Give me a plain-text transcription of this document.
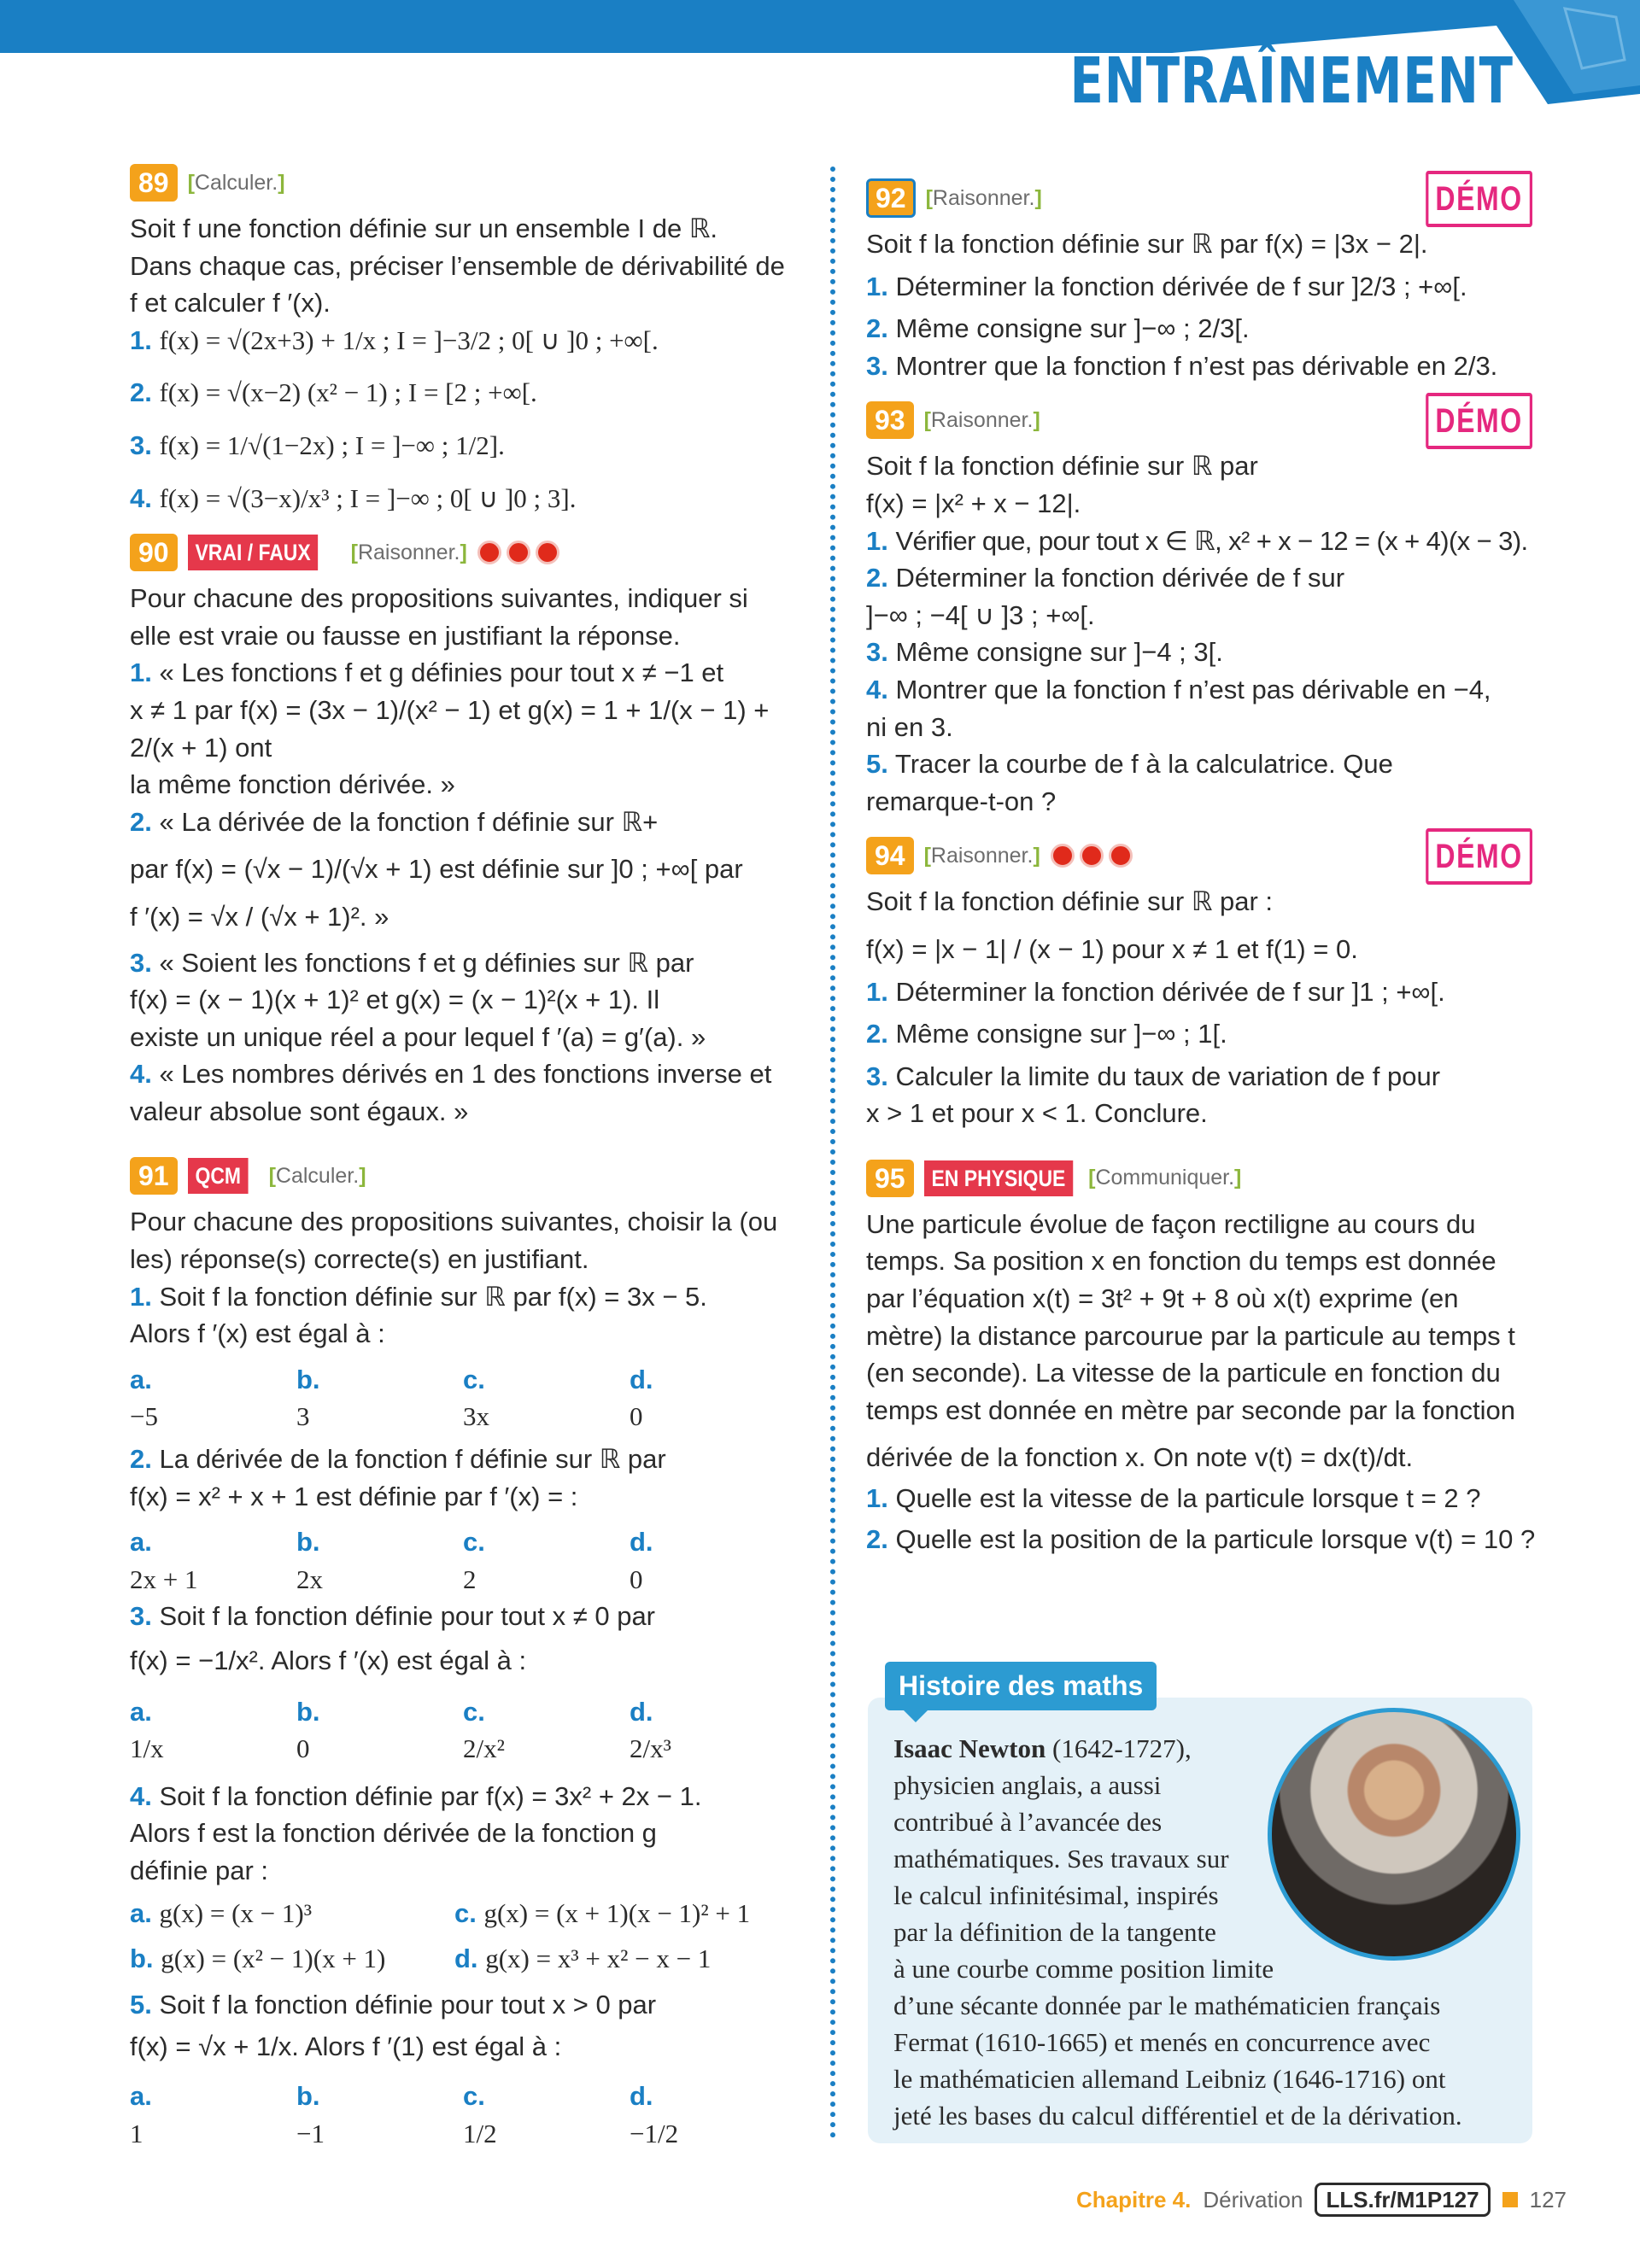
ENTRAÎNEMENT
89 [Calculer.]

Soit f une fonction définie sur un ensemble I de ℝ.

Dans chaque cas, préciser l’ensemble de dérivabilité de

f et calculer f ′(x).

1. f(x) = √(2x+3) + 1/x ; I = ]−3/2 ; 0[ ∪ ]0 ; +∞[.

2. f(x) = √(x−2) (x² − 1) ; I = [2 ; +∞[.

3. f(x) = 1/√(1−2x) ; I = ]−∞ ; 1/2].

4. f(x) = √(3−x)/x³ ; I = ]−∞ ; 0[ ∪ ]0 ; 3].

90	VRAI / FAUX	[Raisonner.]

Pour chacune des propositions suivantes, indiquer si

elle est vraie ou fausse en justifiant la réponse.

1. « Les fonctions f et g définies pour tout x ≠ −1 et

x ≠ 1 par f(x) = (3x − 1)/(x² − 1) et g(x) = 1 + 1/(x − 1) + 2/(x + 1) ont

la même fonction dérivée. »

2. « La dérivée de la fonction f définie sur ℝ+

par f(x) = (√x − 1)/(√x + 1) est définie sur ]0 ; +∞[ par

f ′(x) = √x / (√x + 1)². »

3. « Soient les fonctions f et g définies sur ℝ par

f(x) = (x − 1)(x + 1)² et g(x) = (x − 1)²(x + 1). Il

existe un unique réel a pour lequel f ′(a) = g′(a). »

4. « Les nombres dérivés en 1 des fonctions inverse et

valeur absolue sont égaux. »

91	QCM	[Calculer.]

Pour chacune des propositions suivantes, choisir la (ou

les) réponse(s) correcte(s) en justifiant.

1. Soit f la fonction définie sur ℝ par f(x) = 3x − 5.

Alors f ′(x) est égal à :

a. −5
b. 3
c. 3x
d. 0

2. La dérivée de la fonction f définie sur ℝ par

f(x) = x² + x + 1 est définie par f ′(x) = :

a. 2x + 1
b. 2x
c. 2
d. 0

3. Soit f la fonction définie pour tout x ≠ 0 par

f(x) = −1/x². Alors f ′(x) est égal à :

a. 1/x
b. 0
c. 2/x²
d. 2/x³

4. Soit f la fonction définie par f(x) = 3x² + 2x − 1.

Alors f est la fonction dérivée de la fonction g

définie par :

a. g(x) = (x − 1)³	c. g(x) = (x + 1)(x − 1)² + 1
b. g(x) = (x² − 1)(x + 1)	d. g(x) = x³ + x² − x − 1

5. Soit f la fonction définie pour tout x > 0 par

f(x) = √x + 1/x. Alors f ′(1) est égal à :

a. 1
b. −1
c. 1/2
d. −1/2
92 [Raisonner.]	DÉMO

Soit f la fonction définie sur ℝ par f(x) = |3x − 2|.

1. Déterminer la fonction dérivée de f sur ]2/3 ; +∞[.

2. Même consigne sur ]−∞ ; 2/3[.

3. Montrer que la fonction f n’est pas dérivable en 2/3.

93 [Raisonner.]	DÉMO

Soit f la fonction définie sur ℝ par

f(x) = |x² + x − 12|.

1. Vérifier que, pour tout x ∈ ℝ, x² + x − 12 = (x + 4)(x − 3).

2. Déterminer la fonction dérivée de f sur

]−∞ ; −4[ ∪ ]3 ; +∞[.

3. Même consigne sur ]−4 ; 3[.

4. Montrer que la fonction f n’est pas dérivable en −4,

ni en 3.

5. Tracer la courbe de f à la calculatrice. Que

remarque-t-on ?

94 [Raisonner.]	DÉMO

Soit f la fonction définie sur ℝ par :

f(x) = |x − 1| / (x − 1) pour x ≠ 1 et f(1) = 0.

1. Déterminer la fonction dérivée de f sur ]1 ; +∞[.

2. Même consigne sur ]−∞ ; 1[.

3. Calculer la limite du taux de variation de f pour

x > 1 et pour x < 1. Conclure.

95	EN PHYSIQUE	[Communiquer.]

Une particule évolue de façon rectiligne au cours du

temps. Sa position x en fonction du temps est donnée

par l’équation x(t) = 3t² + 9t + 8 où x(t) exprime (en

mètre) la distance parcourue par la particule au temps t

(en seconde). La vitesse de la particule en fonction du

temps est donnée en mètre par seconde par la fonction

dérivée de la fonction x. On note v(t) = dx(t)/dt.

1. Quelle est la vitesse de la particule lorsque t = 2 ?

2. Quelle est la position de la particule lorsque v(t) = 10 ?

Histoire des maths
Isaac Newton (1642-1727),
physicien anglais, a aussi
contribué à l’avancée des
mathématiques. Ses travaux sur
le calcul infinitésimal, inspirés
par la définition de la tangente
à une courbe comme position limite
d’une sécante donnée par le mathématicien français
Fermat (1610-1665) et menés en concurrence avec
le mathématicien allemand Leibniz (1646-1716) ont
jeté les bases du calcul différentiel et de la dérivation.
Chapitre 4. Dérivation	LLS.fr/M1P127	127
